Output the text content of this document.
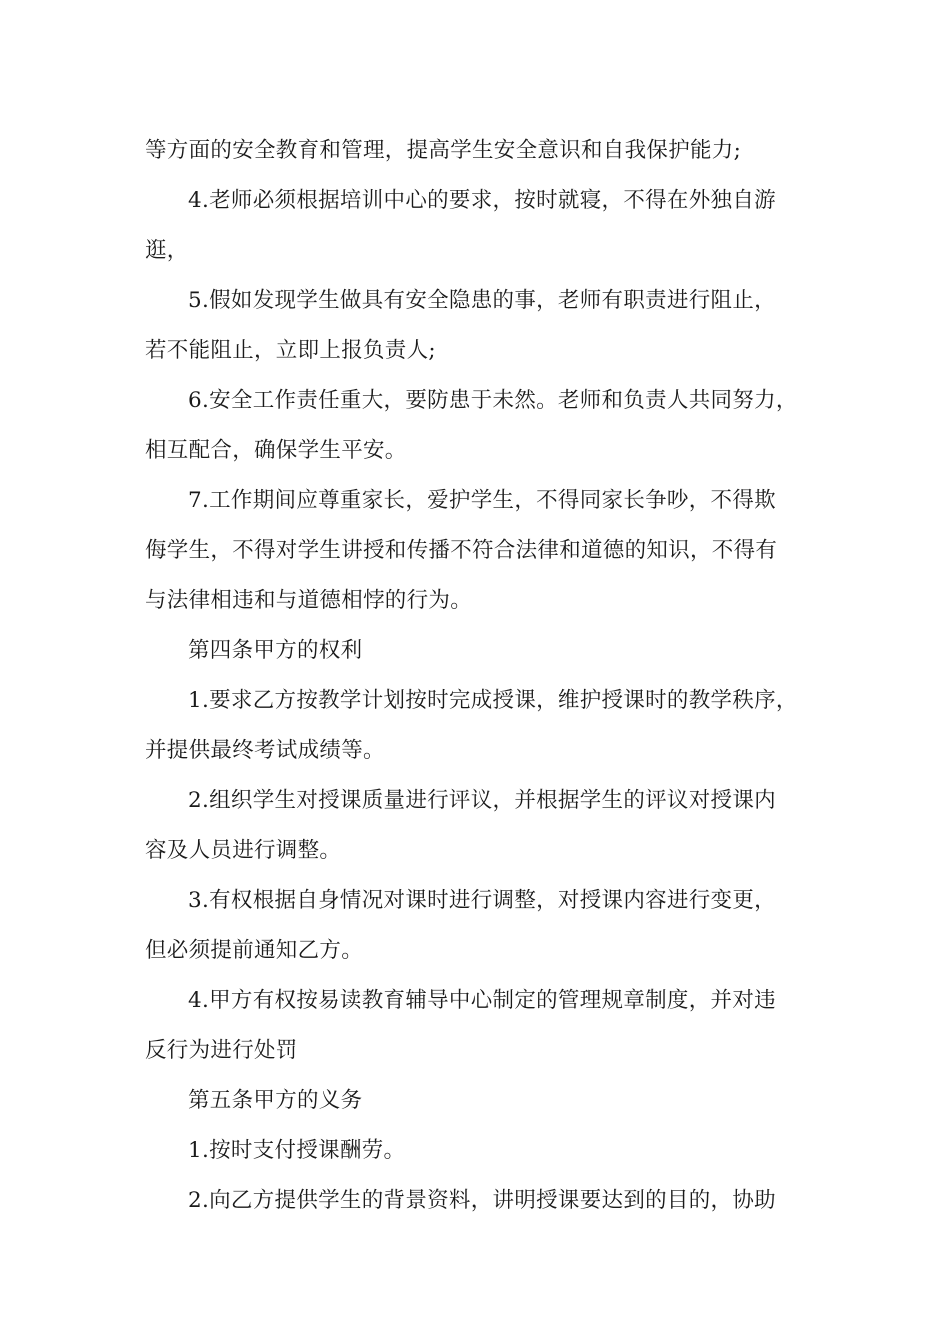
等方面的安全教育和管理，提高学生安全意识和自我保护能力;
4.老师必须根据培训中心的要求，按时就寝，不得在外独自游
逛，
5.假如发现学生做具有安全隐患的事，老师有职责进行阻止，
若不能阻止，立即上报负责人;
6.安全工作责任重大，要防患于未然。老师和负责人共同努力，
相互配合，确保学生平安。
7.工作期间应尊重家长，爱护学生，不得同家长争吵，不得欺
侮学生，不得对学生讲授和传播不符合法律和道德的知识，不得有
与法律相违和与道德相悖的行为。
第四条甲方的权利
1.要求乙方按教学计划按时完成授课，维护授课时的教学秩序，
并提供最终考试成绩等。
2.组织学生对授课质量进行评议，并根据学生的评议对授课内
容及人员进行调整。
3.有权根据自身情况对课时进行调整，对授课内容进行变更，
但必须提前通知乙方。
4.甲方有权按易读教育辅导中心制定的管理规章制度，并对违
反行为进行处罚
第五条甲方的义务
1.按时支付授课酬劳。
2.向乙方提供学生的背景资料，讲明授课要达到的目的，协助
